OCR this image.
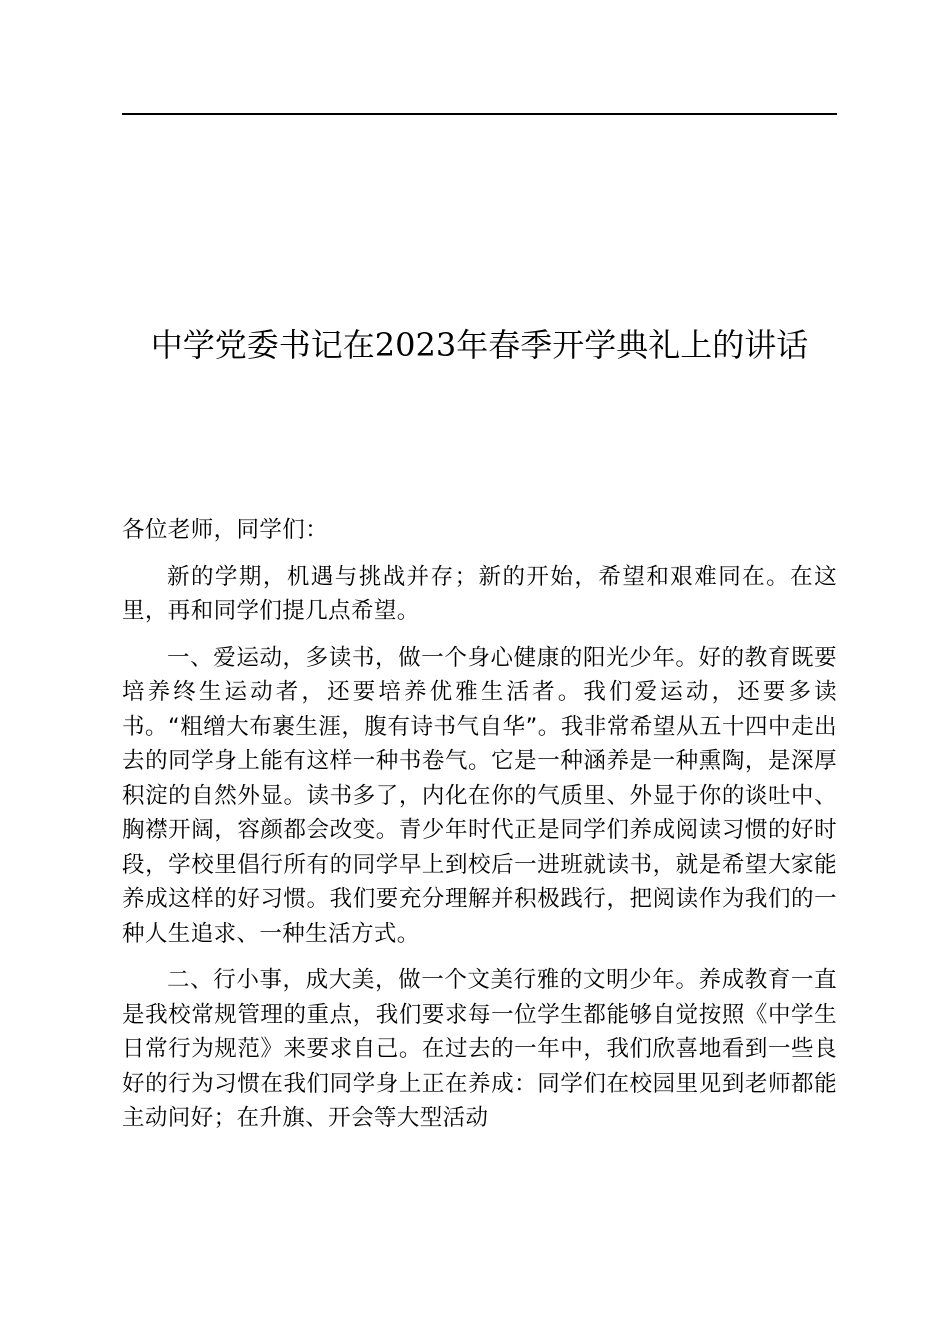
中学党委书记在2023年春季开学典礼上的讲话

各位老师，同学们：

新的学期，机遇与挑战并存；新的开始，希望和艰难同在。在这里，再和同学们提几点希望。

一、爱运动，多读书，做一个身心健康的阳光少年。好的教育既要培养终生运动者，还要培养优雅生活者。我们爱运动，还要多读书。“粗缯大布裹生涯，腹有诗书气自华”。我非常希望从五十四中走出去的同学身上能有这样一种书卷气。它是一种涵养是一种熏陶，是深厚积淀的自然外显。读书多了，内化在你的气质里、外显于你的谈吐中、胸襟开阔，容颜都会改变。青少年时代正是同学们养成阅读习惯的好时段，学校里倡行所有的同学早上到校后一进班就读书，就是希望大家能养成这样的好习惯。我们要充分理解并积极践行，把阅读作为我们的一种人生追求、一种生活方式。

二、行小事，成大美，做一个文美行雅的文明少年。养成教育一直是我校常规管理的重点，我们要求每一位学生都能够自觉按照《中学生日常行为规范》来要求自己。在过去的一年中，我们欣喜地看到一些良好的行为习惯在我们同学身上正在养成：同学们在校园里见到老师都能主动问好；在升旗、开会等大型活动
